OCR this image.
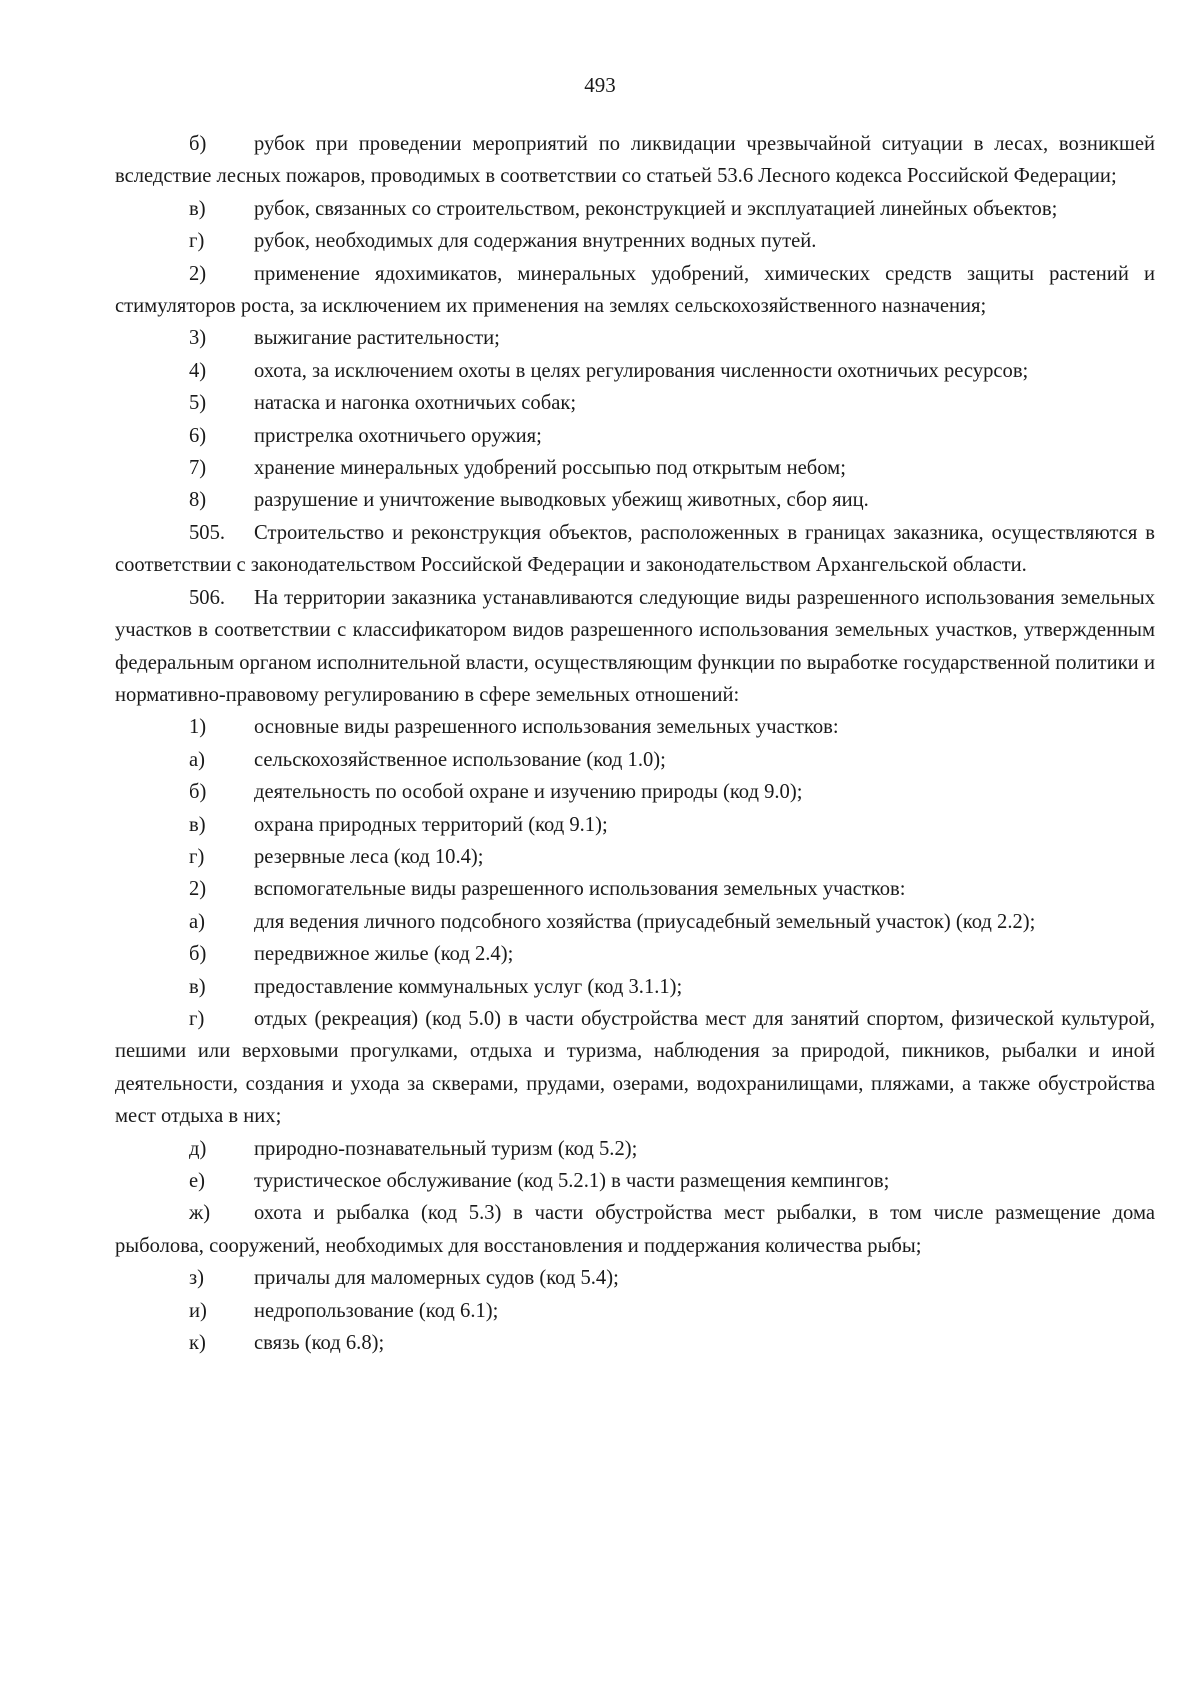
493

б) рубок при проведении мероприятий по ликвидации чрезвычайной ситуации в лесах, возникшей вследствие лесных пожаров, проводимых в соответствии со статьей 53.6 Лесного кодекса Российской Федерации;

в) рубок, связанных со строительством, реконструкцией и эксплуатацией линейных объектов;

г) рубок, необходимых для содержания внутренних водных путей.

2) применение ядохимикатов, минеральных удобрений, химических средств защиты растений и стимуляторов роста, за исключением их применения на землях сельскохозяйственного назначения;

3) выжигание растительности;

4) охота, за исключением охоты в целях регулирования численности охотничьих ресурсов;

5) натаска и нагонка охотничьих собак;

6) пристрелка охотничьего оружия;

7) хранение минеральных удобрений россыпью под открытым небом;

8) разрушение и уничтожение выводковых убежищ животных, сбор яиц.

505. Строительство и реконструкция объектов, расположенных в границах заказника, осуществляются в соответствии с законодательством Российской Федерации и законодательством Архангельской области.

506. На территории заказника устанавливаются следующие виды разрешенного использования земельных участков в соответствии с классификатором видов разрешенного использования земельных участков, утвержденным федеральным органом исполнительной власти, осуществляющим функции по выработке государственной политики и нормативно-правовому регулированию в сфере земельных отношений:

1) основные виды разрешенного использования земельных участков:

а) сельскохозяйственное использование (код 1.0);

б) деятельность по особой охране и изучению природы (код 9.0);

в) охрана природных территорий (код 9.1);

г) резервные леса (код 10.4);

2) вспомогательные виды разрешенного использования земельных участков:

а) для ведения личного подсобного хозяйства (приусадебный земельный участок) (код 2.2);

б) передвижное жилье (код 2.4);

в) предоставление коммунальных услуг (код 3.1.1);

г) отдых (рекреация) (код 5.0) в части обустройства мест для занятий спортом, физической культурой, пешими или верховыми прогулками, отдыха и туризма, наблюдения за природой, пикников, рыбалки и иной деятельности, создания и ухода за скверами, прудами, озерами, водохранилищами, пляжами, а также обустройства мест отдыха в них;

д) природно-познавательный туризм (код 5.2);

е) туристическое обслуживание (код 5.2.1) в части размещения кемпингов;

ж) охота и рыбалка (код 5.3) в части обустройства мест рыбалки, в том числе размещение дома рыболова, сооружений, необходимых для восстановления и поддержания количества рыбы;

з) причалы для маломерных судов (код 5.4);

и) недропользование (код 6.1);

к) связь (код 6.8);
